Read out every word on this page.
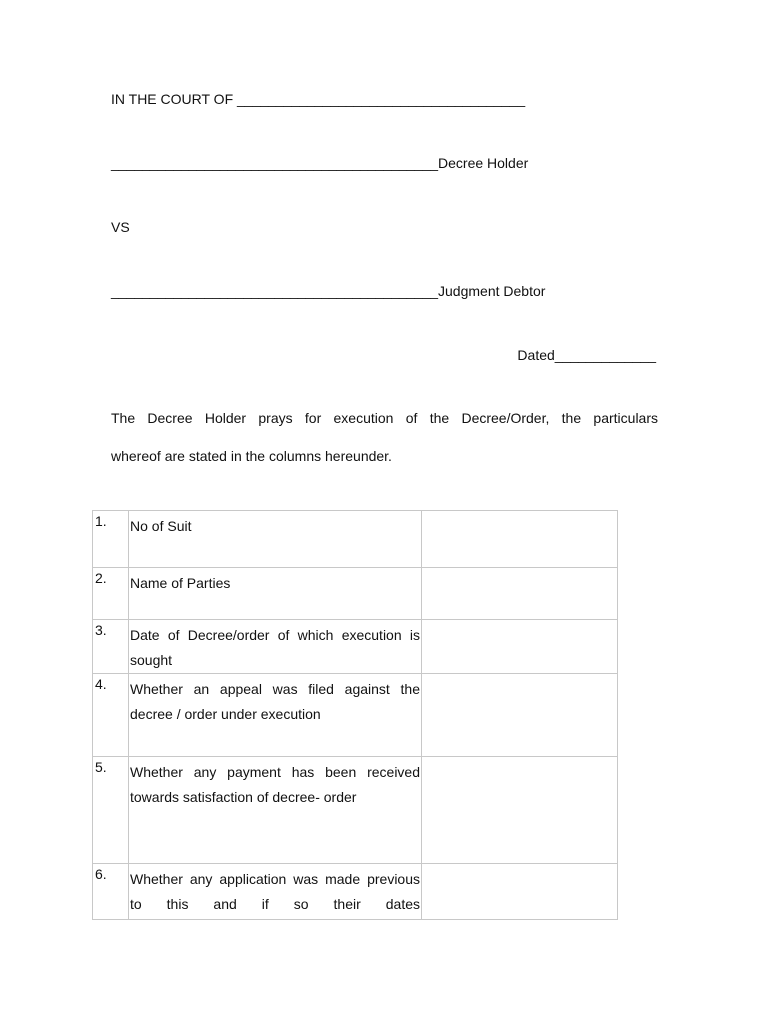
IN THE COURT OF _____________________________________
__________________________________________Decree Holder
VS
__________________________________________Judgment Debtor
Dated_____________
The Decree Holder prays for execution of the Decree/Order, the particulars
whereof are stated in the columns hereunder.
1.	No of Suit	

2.	Name of Parties	

3.	Date of Decree/order of which execution is sought	

4.	Whether an appeal was filed against the decree / order under execution	

5.	Whether any payment has been received towards satisfaction of decree- order	

6.	Whether any application was made previous to this and if so their dates	
